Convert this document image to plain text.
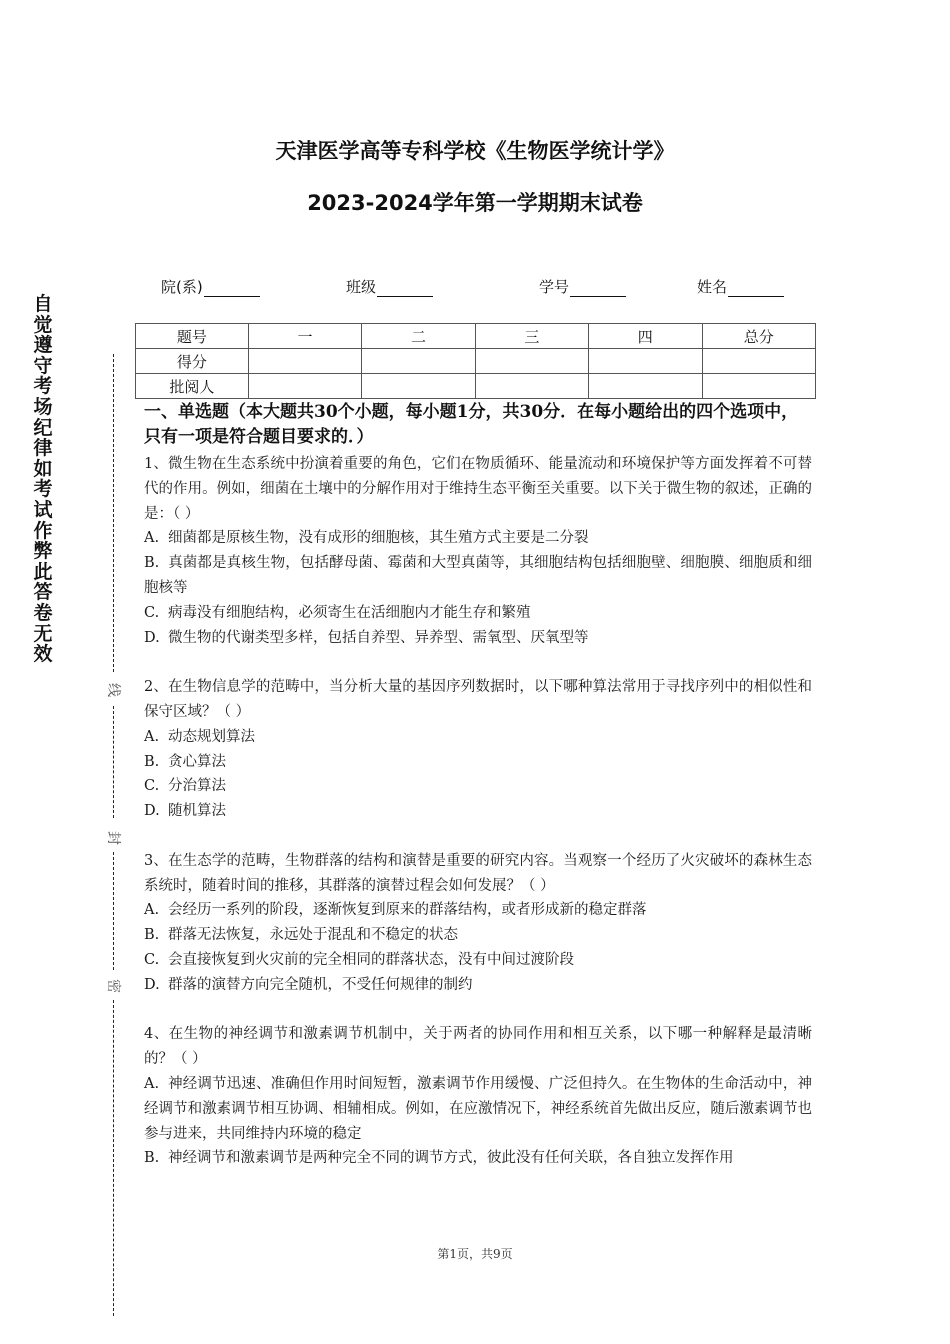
自觉遵守考场纪律如考试作弊此答卷无效
线
封
密
天津医学高等专科学校《生物医学统计学》
2023-2024学年第一学期期末试卷
院(系)	班级	学号	姓名
题号	一	二	三	四	总分
得分					
批阅人					
一、单选题（本大题共30个小题，每小题1分，共30分．在每小题给出的四个选项中，只有一项是符合题目要求的．）
1、微生物在生态系统中扮演着重要的角色，它们在物质循环、能量流动和环境保护等方面发挥着不可替代的作用。例如，细菌在土壤中的分解作用对于维持生态平衡至关重要。以下关于微生物的叙述，正确的是：（ ）
A. 细菌都是原核生物，没有成形的细胞核，其生殖方式主要是二分裂
B. 真菌都是真核生物，包括酵母菌、霉菌和大型真菌等，其细胞结构包括细胞壁、细胞膜、细胞质和细胞核等
C. 病毒没有细胞结构，必须寄生在活细胞内才能生存和繁殖
D. 微生物的代谢类型多样，包括自养型、异养型、需氧型、厌氧型等
2、在生物信息学的范畴中，当分析大量的基因序列数据时，以下哪种算法常用于寻找序列中的相似性和保守区域？（ ）
A. 动态规划算法
B. 贪心算法
C. 分治算法
D. 随机算法
3、在生态学的范畴，生物群落的结构和演替是重要的研究内容。当观察一个经历了火灾破坏的森林生态系统时，随着时间的推移，其群落的演替过程会如何发展？（ ）
A. 会经历一系列的阶段，逐渐恢复到原来的群落结构，或者形成新的稳定群落
B. 群落无法恢复，永远处于混乱和不稳定的状态
C. 会直接恢复到火灾前的完全相同的群落状态，没有中间过渡阶段
D. 群落的演替方向完全随机，不受任何规律的制约
4、在生物的神经调节和激素调节机制中，关于两者的协同作用和相互关系，以下哪一种解释是最清晰的？（ ）
A. 神经调节迅速、准确但作用时间短暂，激素调节作用缓慢、广泛但持久。在生物体的生命活动中，神经调节和激素调节相互协调、相辅相成。例如，在应激情况下，神经系统首先做出反应，随后激素调节也参与进来，共同维持内环境的稳定
B. 神经调节和激素调节是两种完全不同的调节方式，彼此没有任何关联，各自独立发挥作用
第1页，共9页
